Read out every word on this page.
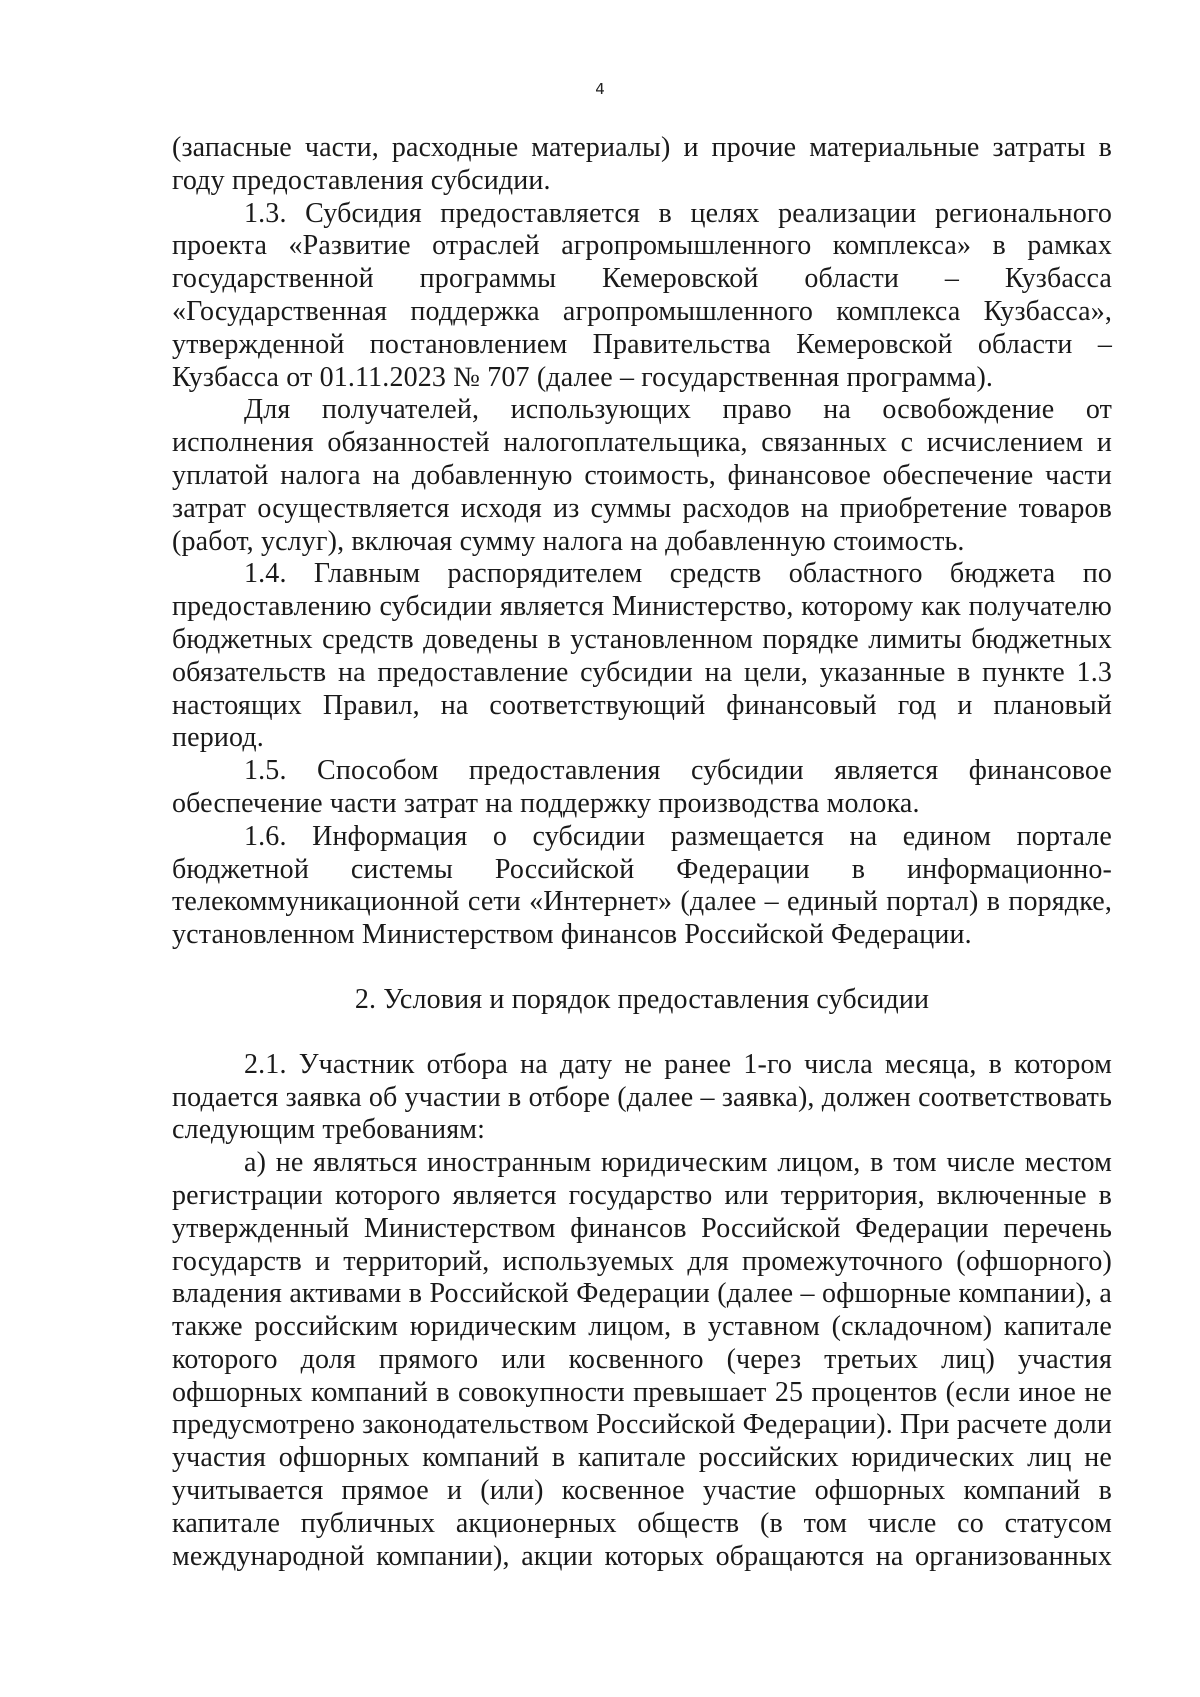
4

(запасные части, расходные материалы) и прочие материальные затраты в году предоставления субсидии.

1.3. Субсидия предоставляется в целях реализации регионального проекта «Развитие отраслей агропромышленного комплекса» в рамках государственной программы Кемеровской области – Кузбасса «Государственная поддержка агропромышленного комплекса Кузбасса», утвержденной постановлением Правительства Кемеровской области – Кузбасса от 01.11.2023 № 707 (далее – государственная программа).

Для получателей, использующих право на освобождение от исполнения обязанностей налогоплательщика, связанных с исчислением и уплатой налога на добавленную стоимость, финансовое обеспечение части затрат осуществляется исходя из суммы расходов на приобретение товаров (работ, услуг), включая сумму налога на добавленную стоимость.

1.4. Главным распорядителем средств областного бюджета по предоставлению субсидии является Министерство, которому как получателю бюджетных средств доведены в установленном порядке лимиты бюджетных обязательств на предоставление субсидии на цели, указанные в пункте 1.3 настоящих Правил, на соответствующий финансовый год и плановый период.

1.5. Способом предоставления субсидии является финансовое обеспечение части затрат на поддержку производства молока.

1.6. Информация о субсидии размещается на едином портале бюджетной системы Российской Федерации в информационно-телекоммуникационной сети «Интернет» (далее – единый портал) в порядке, установленном Министерством финансов Российской Федерации.

2. Условия и порядок предоставления субсидии

2.1. Участник отбора на дату не ранее 1-го числа месяца, в котором подается заявка об участии в отборе (далее – заявка), должен соответствовать следующим требованиям:

а) не являться иностранным юридическим лицом, в том числе местом регистрации которого является государство или территория, включенные в утвержденный Министерством финансов Российской Федерации перечень государств и территорий, используемых для промежуточного (офшорного) владения активами в Российской Федерации (далее – офшорные компании), а также российским юридическим лицом, в уставном (складочном) капитале которого доля прямого или косвенного (через третьих лиц) участия офшорных компаний в совокупности превышает 25 процентов (если иное не предусмотрено законодательством Российской Федерации). При расчете доли участия офшорных компаний в капитале российских юридических лиц не учитывается прямое и (или) косвенное участие офшорных компаний в капитале публичных акционерных обществ (в том числе со статусом международной компании), акции которых обращаются на организованных
